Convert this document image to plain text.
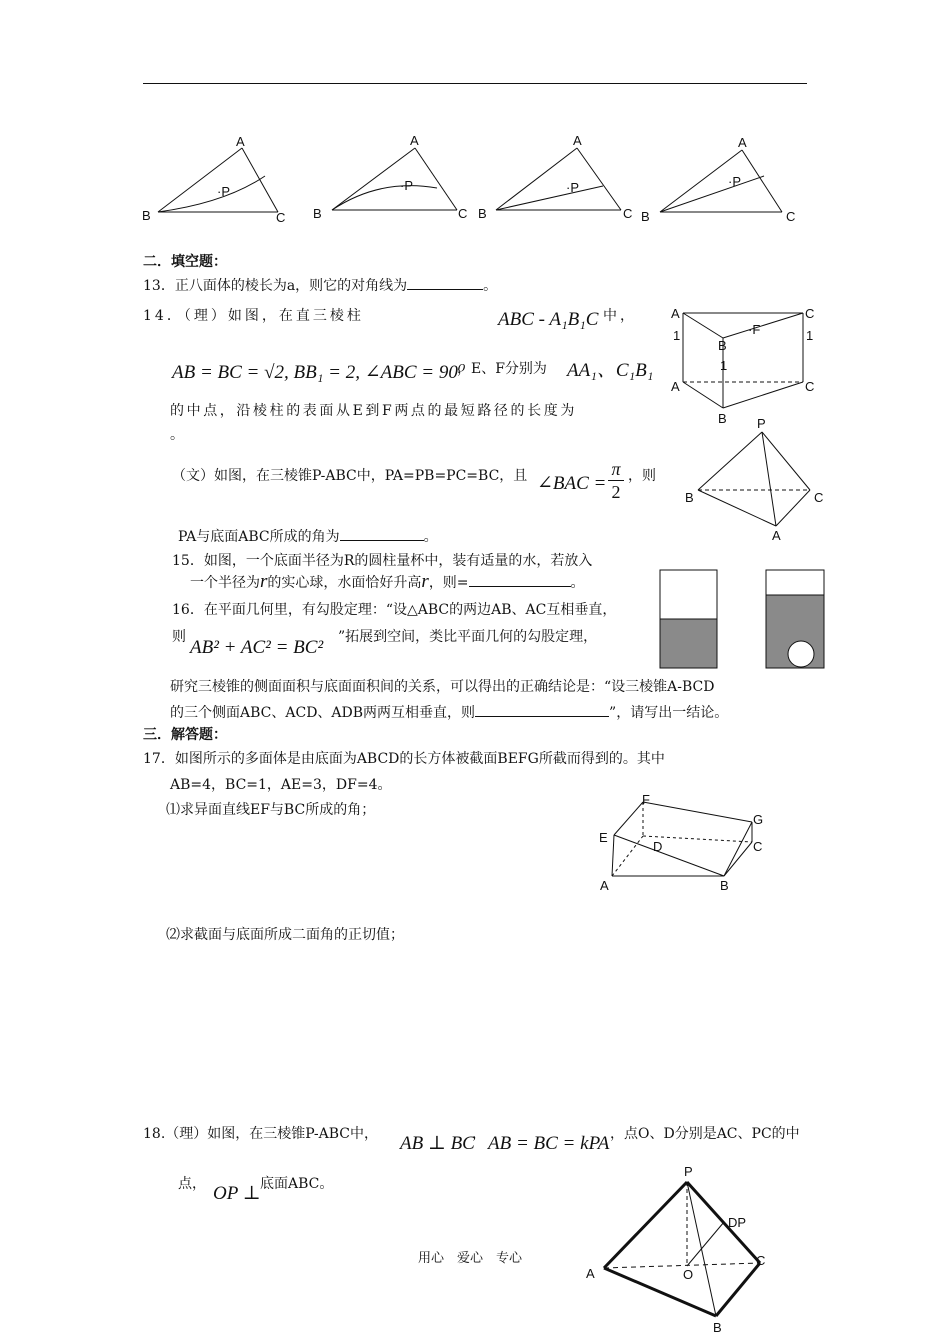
A
B	C
·P
A
B	C
·P
A
B	C
·P
A
B	C
·P
二．填空题：
13．正八面体的棱长为a，则它的对角线为	。
14．（理）如图，在直三棱柱	ABC - A₁B₁C 中，
AB = BC = √2, BB₁ = 2, ∠ABC = 90⁰
，E、F分别为 AA₁、C₁B₁
的中点，沿棱柱的表面从E到F两点的最短路径的长度为
。
A
1
C
1
B
1
·F
A	C
B
（文）如图，在三棱锥P-ABC中，PA=PB=PC=BC，且 ∠BAC =
π
2
，则
PA与底面ABC所成的角为	。
P
B	C
A
15．如图，一个底面半径为R的圆柱量杯中，装有适量的水，若放入
一个半径为r的实心球，水面恰好升高r，则=	。
16．在平面几何里，有勾股定理：“设△ABC的两边AB、AC互相垂直，
则 AB² + AC² = BC² ”拓展到空间，类比平面几何的勾股定理，
研究三棱锥的侧面面积与底面面积间的关系，可以得出的正确结论是：“设三棱锥A-BCD
的三个侧面ABC、ACD、ADB两两互相垂直，则	”，请写出一结论。
三．解答题：
17．如图所示的多面体是由底面为ABCD的长方体被截面BEFG所截而得到的。其中
AB=4，BC=1，AE=3，DF=4。
⑴求异面直线EF与BC所成的角；
F
G
E
D	C
A	B
⑵求截面与底面所成二面角的正切值；
18.（理）如图，在三棱锥P-ABC中， AB ⊥ BC
， AB = BC = kPA ，点O、D分别是AC、PC的中
点， OP ⊥ 底面ABC。
P
DP
C
A	O
B
用心　爱心　专心
